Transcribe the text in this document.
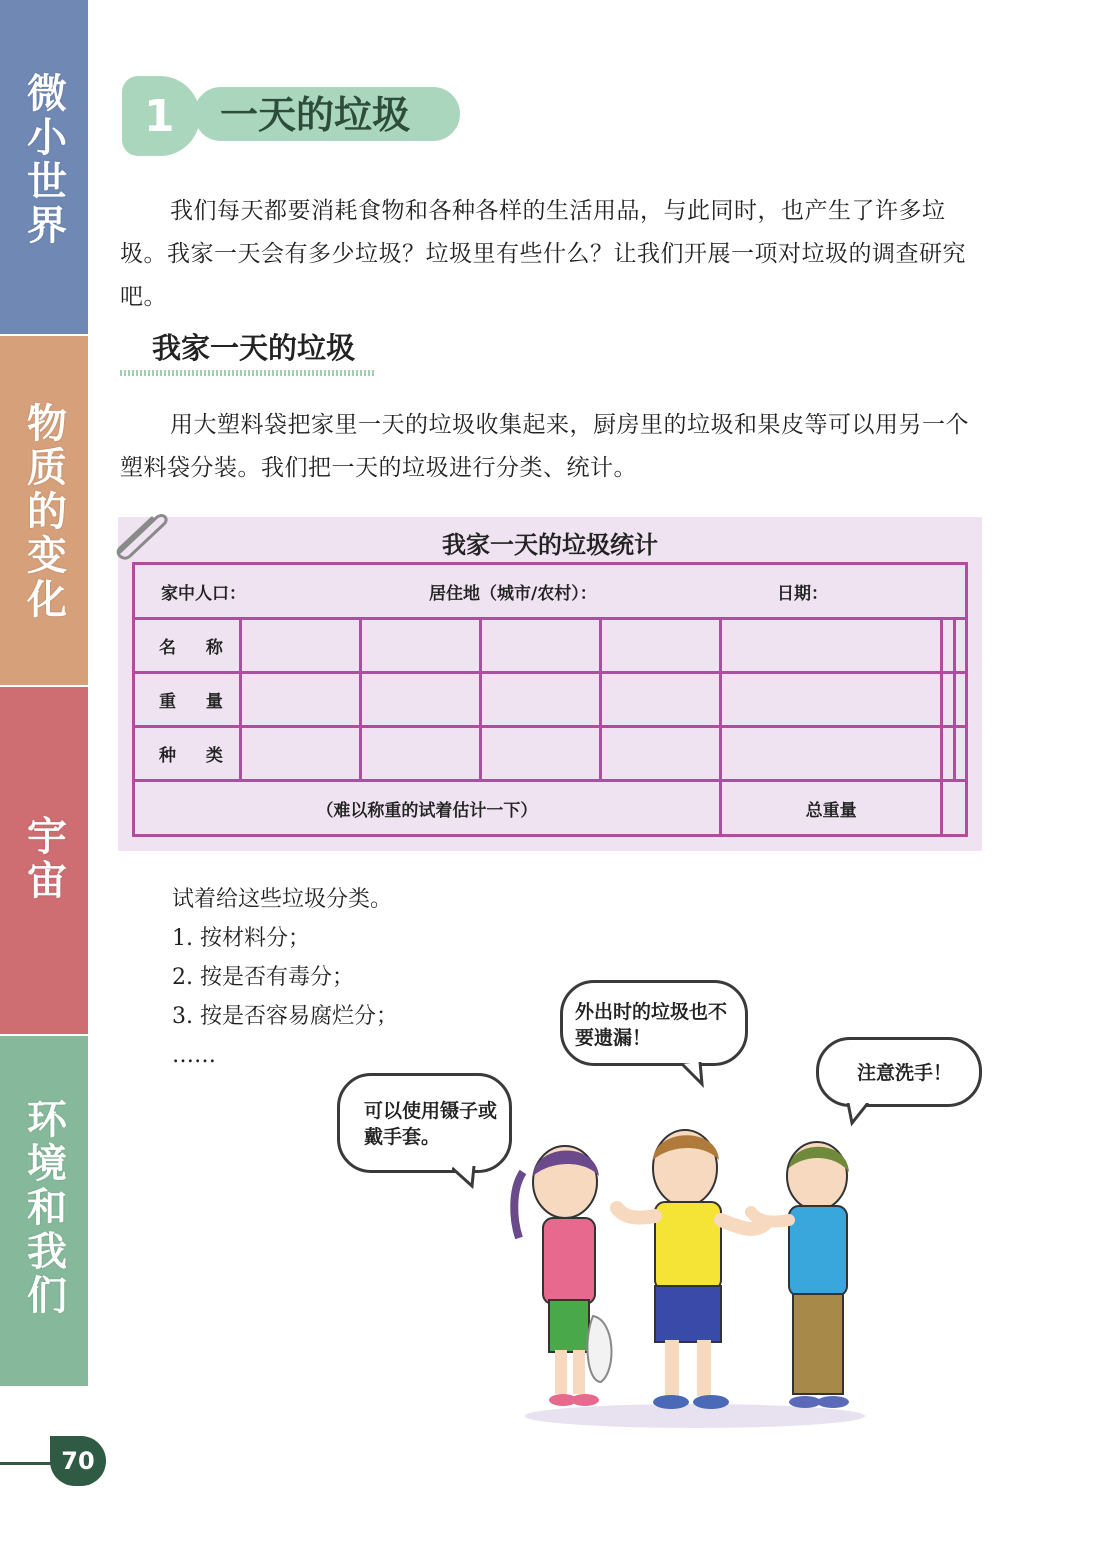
微小世界
物质的变化
宇宙
环境和我们
70
1 一天的垃圾

我们每天都要消耗食物和各种各样的生活用品，与此同时，也产生了许多垃圾。我家一天会有多少垃圾？垃圾里有些什么？让我们开展一项对垃圾的调查研究吧。

我家一天的垃圾

用大塑料袋把家里一天的垃圾收集起来，厨房里的垃圾和果皮等可以用另一个塑料袋分装。我们把一天的垃圾进行分类、统计。

我家一天的垃圾统计
家中人口： 居住地（城市/农村）： 日期：							

名 称							
重 量							
种 类							
（难以称重的试着估计一下）					总重量		
试着给这些垃圾分类。
1. 按材料分；
2. 按是否有毒分；
3. 按是否容易腐烂分；
……
外出时的垃圾也不要遗漏！
注意洗手！
可以使用镊子或戴手套。
